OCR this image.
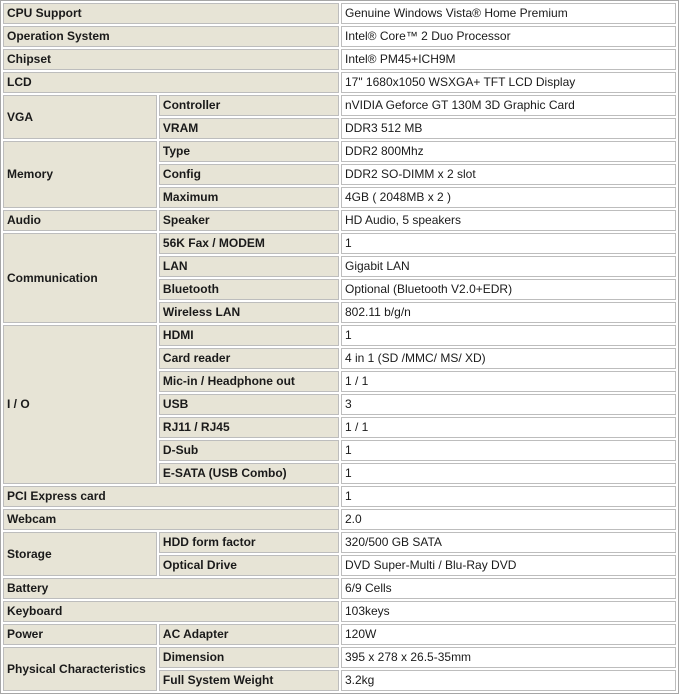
CPU Support		Genuine Windows Vista® Home Premium
Operation System		Intel® Core™ 2 Duo Processor
Chipset		Intel® PM45+ICH9M
LCD		17" 1680x1050 WSXGA+ TFT LCD Display
VGA	Controller	nVIDIA Geforce GT 130M 3D Graphic Card
	VRAM	DDR3 512 MB
Memory	Type	DDR2 800Mhz
	Config	DDR2 SO-DIMM x 2 slot
	Maximum	4GB ( 2048MB x 2 )
Audio	Speaker	HD Audio, 5 speakers
Communication	56K Fax / MODEM	1
	LAN	Gigabit LAN
	Bluetooth	Optional (Bluetooth V2.0+EDR)
	Wireless LAN	802.11 b/g/n
I / O	HDMI	1
	Card reader	4 in 1 (SD /MMC/ MS/ XD)
	Mic-in / Headphone out	1 / 1
	USB	3
	RJ11 / RJ45	1 / 1
	D-Sub	1
	E-SATA (USB Combo)	1
PCI Express card		1
Webcam		2.0
Storage	HDD form factor	320/500 GB SATA
	Optical Drive	DVD Super-Multi / Blu-Ray DVD
Battery		6/9 Cells
Keyboard		103keys
Power	AC Adapter	120W
Physical Characteristics	Dimension	395 x 278 x 26.5-35mm
	Full System Weight	3.2kg
